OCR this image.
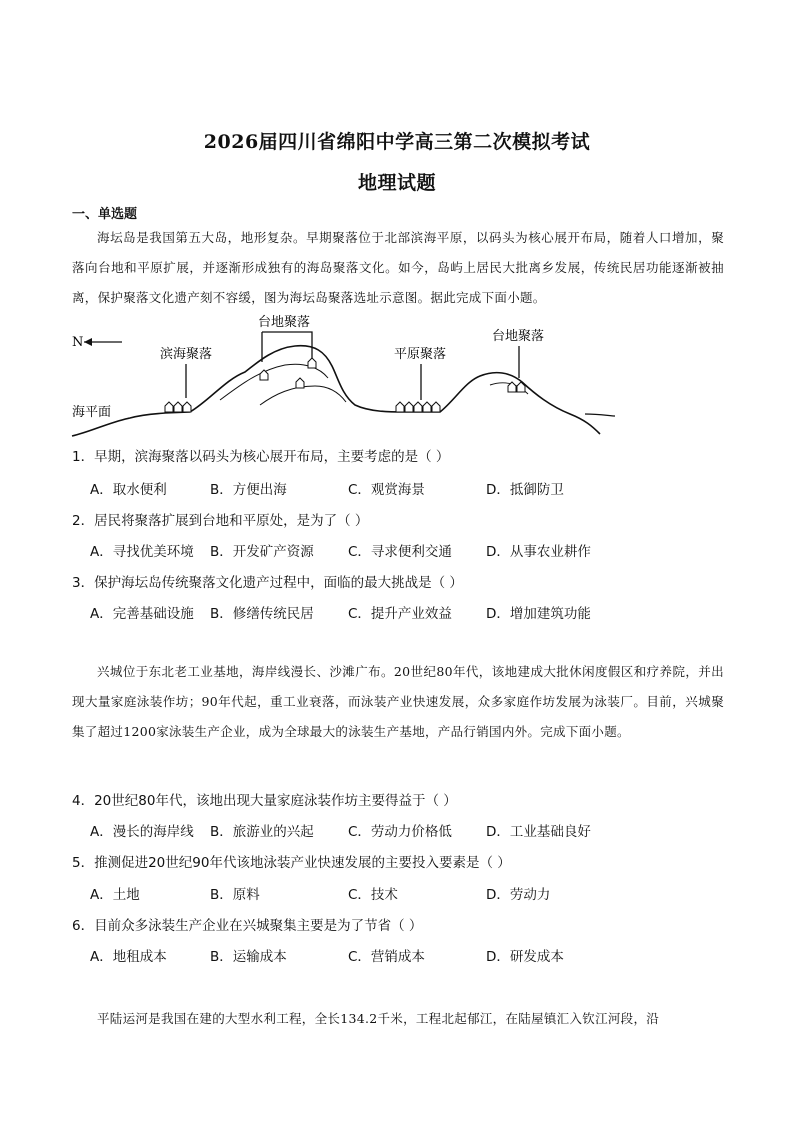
2026届四川省绵阳中学高三第二次模拟考试
地理试题
一、单选题
海坛岛是我国第五大岛，地形复杂。早期聚落位于北部滨海平原，以码头为核心展开布局，随着人口增加，聚落向台地和平原扩展，并逐渐形成独有的海岛聚落文化。如今，岛屿上居民大批离乡发展，传统民居功能逐渐被抽离，保护聚落文化遗产刻不容缓，图为海坛岛聚落选址示意图。据此完成下面小题。
N
海平面
滨海聚落
台地聚落
平原聚落
台地聚落
1．早期，滨海聚落以码头为核心展开布局，主要考虑的是（ ）
A．取水便利	B．方便出海	C．观赏海景	D．抵御防卫
2．居民将聚落扩展到台地和平原处，是为了（ ）
A．寻找优美环境 B．开发矿产资源	C．寻求便利交通	D．从事农业耕作
3．保护海坛岛传统聚落文化遗产过程中，面临的最大挑战是（ ）
A．完善基础设施 B．修缮传统民居	C．提升产业效益	D．增加建筑功能
兴城位于东北老工业基地，海岸线漫长、沙滩广布。20世纪80年代，该地建成大批休闲度假区和疗养院，并出现大量家庭泳装作坊；90年代起，重工业衰落，而泳装产业快速发展，众多家庭作坊发展为泳装厂。目前，兴城聚集了超过1200家泳装生产企业，成为全球最大的泳装生产基地，产品行销国内外。完成下面小题。
4．20世纪80年代，该地出现大量家庭泳装作坊主要得益于（ ）
A．漫长的海岸线 B．旅游业的兴起	C．劳动力价格低	D．工业基础良好
5．推测促进20世纪90年代该地泳装产业快速发展的主要投入要素是（ ）
A．土地	B．原料	C．技术	D．劳动力
6．目前众多泳装生产企业在兴城聚集主要是为了节省（ ）
A．地租成本	B．运输成本	C．营销成本	D．研发成本
平陆运河是我国在建的大型水利工程，全长134.2千米，工程北起郁江，在陆屋镇汇入钦江河段，沿
